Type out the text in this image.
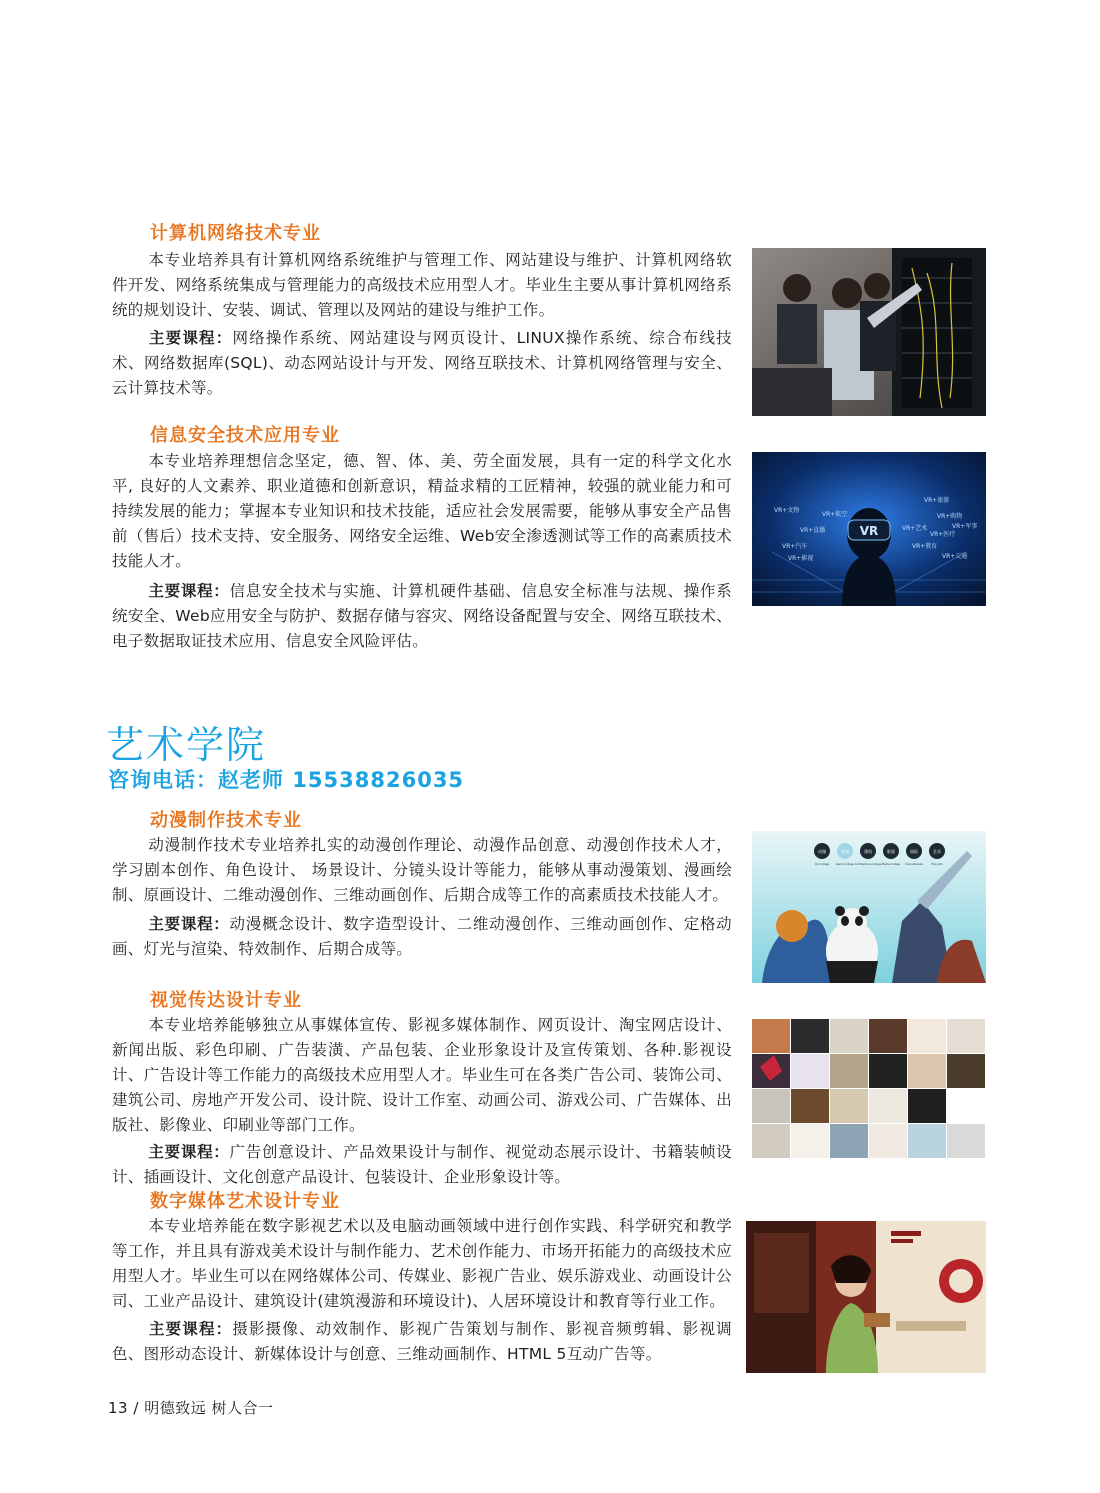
计算机网络技术专业

本专业培养具有计算机网络系统维护与管理工作、网站建设与维护、计算机网络软件开发、网络系统集成与管理能力的高级技术应用型人才。毕业生主要从事计算机网络系统的规划设计、安装、调试、管理以及网站的建设与维护工作。

主要课程：网络操作系统、网站建设与网页设计、LINUX操作系统、综合布线技术、网络数据库(SQL)、动态网站设计与开发、网络互联技术、计算机网络管理与安全、云计算技术等。

信息安全技术应用专业

本专业培养理想信念坚定，德、智、体、美、劳全面发展，具有一定的科学文化水平, 良好的人文素养、职业道德和创新意识，精益求精的工匠精神，较强的就业能力和可持续发展的能力；掌握本专业知识和技术技能，适应社会发展需要，能够从事安全产品售前（售后）技术支持、安全服务、网络安全运维、Web安全渗透测试等工作的高素质技术技能人才。

主要课程：信息安全技术与实施、计算机硬件基础、信息安全标准与法规、操作系统安全、Web应用安全与防护、数据存储与容灾、网络设备配置与安全、网络互联技术、电子数据取证技术应用、信息安全风险评估。

VR
VR+文物
VR+旅游
VR+购物
VR+直播
VR+航空
VR+军事
VR+教育
VR+医疗
VR+汽车
VR+影视
VR+艺术
VR+交通
艺术学院
咨询电话：赵老师 15538826035
动漫制作技术专业

动漫制作技术专业培养扎实的动漫创作理论、动漫作品创意、动漫创作技术人才，学习剧本创作、角色设计、 场景设计、分镜头设计等能力，能够从事动漫策划、漫画绘制、原画设计、二维动漫创作、三维动画创作、后期合成等工作的高素质技术技能人才。

主要课程：动漫概念设计、数字造型设计、二维动漫创作、三维动画创作、定格动 画、灯光与渲染、特效制作、后期合成等。

动漫
CG Collage
游戏
Game Collage
建筑
Architecture Collage
影视
Media Collage
国际
Internationals
艺术
Fine Arts
视觉传达设计专业

本专业培养能够独立从事媒体宣传、影视多媒体制作、网页设计、淘宝网店设计、新闻出版、彩色印刷、广告装潢、产品包装、企业形象设计及宣传策划、各种.影视设计、广告设计等工作能力的高级技术应用型人才。毕业生可在各类广告公司、装饰公司、建筑公司、房地产开发公司、设计院、设计工作室、动画公司、游戏公司、广告媒体、出版社、影像业、印刷业等部门工作。

主要课程：广告创意设计、产品效果设计与制作、视觉动态展示设计、书籍装帧设计、插画设计、文化创意产品设计、包装设计、企业形象设计等。

数字媒体艺术设计专业

本专业培养能在数字影视艺术以及电脑动画领域中进行创作实践、科学研究和教学等工作，并且具有游戏美术设计与制作能力、艺术创作能力、市场开拓能力的高级技术应用型人才。毕业生可以在网络媒体公司、传媒业、影视广告业、娱乐游戏业、动画设计公司、工业产品设计、建筑设计(建筑漫游和环境设计)、人居环境设计和教育等行业工作。

主要课程：摄影摄像、动效制作、影视广告策划与制作、影视音频剪辑、影视调色、图形动态设计、新媒体设计与创意、三维动画制作、HTML 5互动广告等。

13 / 明德致远 树人合一
